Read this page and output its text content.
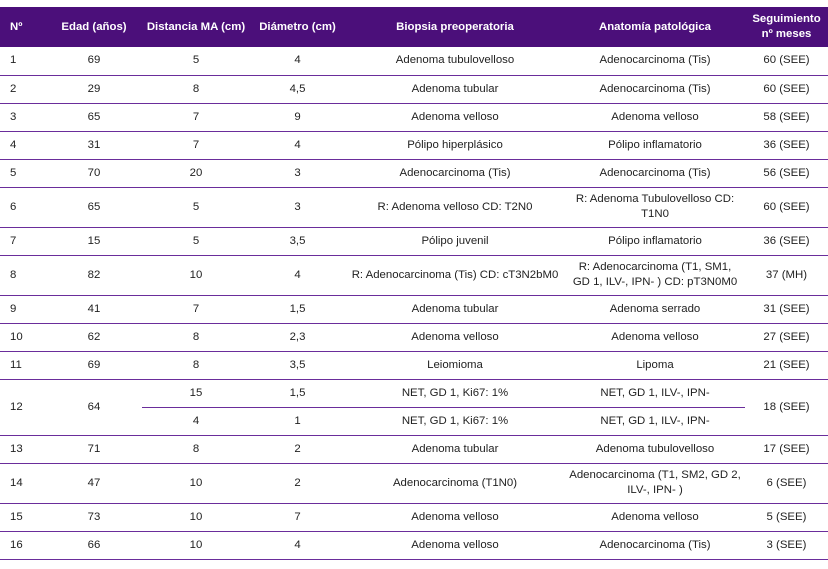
Nº	Edad (años)	Distancia MA (cm)	Diámetro (cm)	Biopsia preoperatoria	Anatomía patológica	Seguimiento nº meses
1	69	5	4	Adenoma tubulovelloso	Adenocarcinoma (Tis)	60 (SEE)
2	29	8	4,5	Adenoma tubular	Adenocarcinoma (Tis)	60 (SEE)
3	65	7	9	Adenoma velloso	Adenoma velloso	58 (SEE)
4	31	7	4	Pólipo hiperplásico	Pólipo inflamatorio	36 (SEE)
5	70	20	3	Adenocarcinoma (Tis)	Adenocarcinoma (Tis)	56 (SEE)
6	65	5	3	R: Adenoma velloso CD: T2N0	R: Adenoma Tubulovelloso CD: T1N0	60 (SEE)
7	15	5	3,5	Pólipo juvenil	Pólipo inflamatorio	36 (SEE)
8	82	10	4	R: Adenocarcinoma (Tis) CD: cT3N2bM0	R: Adenocarcinoma (T1, SM1, GD 1, ILV-, IPN- ) CD: pT3N0M0	37 (MH)
9	41	7	1,5	Adenoma tubular	Adenoma serrado	31 (SEE)
10	62	8	2,3	Adenoma velloso	Adenoma velloso	27 (SEE)
11	69	8	3,5	Leiomioma	Lipoma	21 (SEE)
12	64	15	1,5	NET, GD 1, Ki67: 1%	NET, GD 1, ILV-, IPN-	18 (SEE)
		4	1	NET, GD 1, Ki67: 1%	NET, GD 1, ILV-, IPN-	
13	71	8	2	Adenoma tubular	Adenoma tubulovelloso	17 (SEE)
14	47	10	2	Adenocarcinoma (T1N0)	Adenocarcinoma (T1, SM2, GD 2, ILV-, IPN- )	6 (SEE)
15	73	10	7	Adenoma velloso	Adenoma velloso	5 (SEE)
16	66	10	4	Adenoma velloso	Adenocarcinoma (Tis)	3 (SEE)
